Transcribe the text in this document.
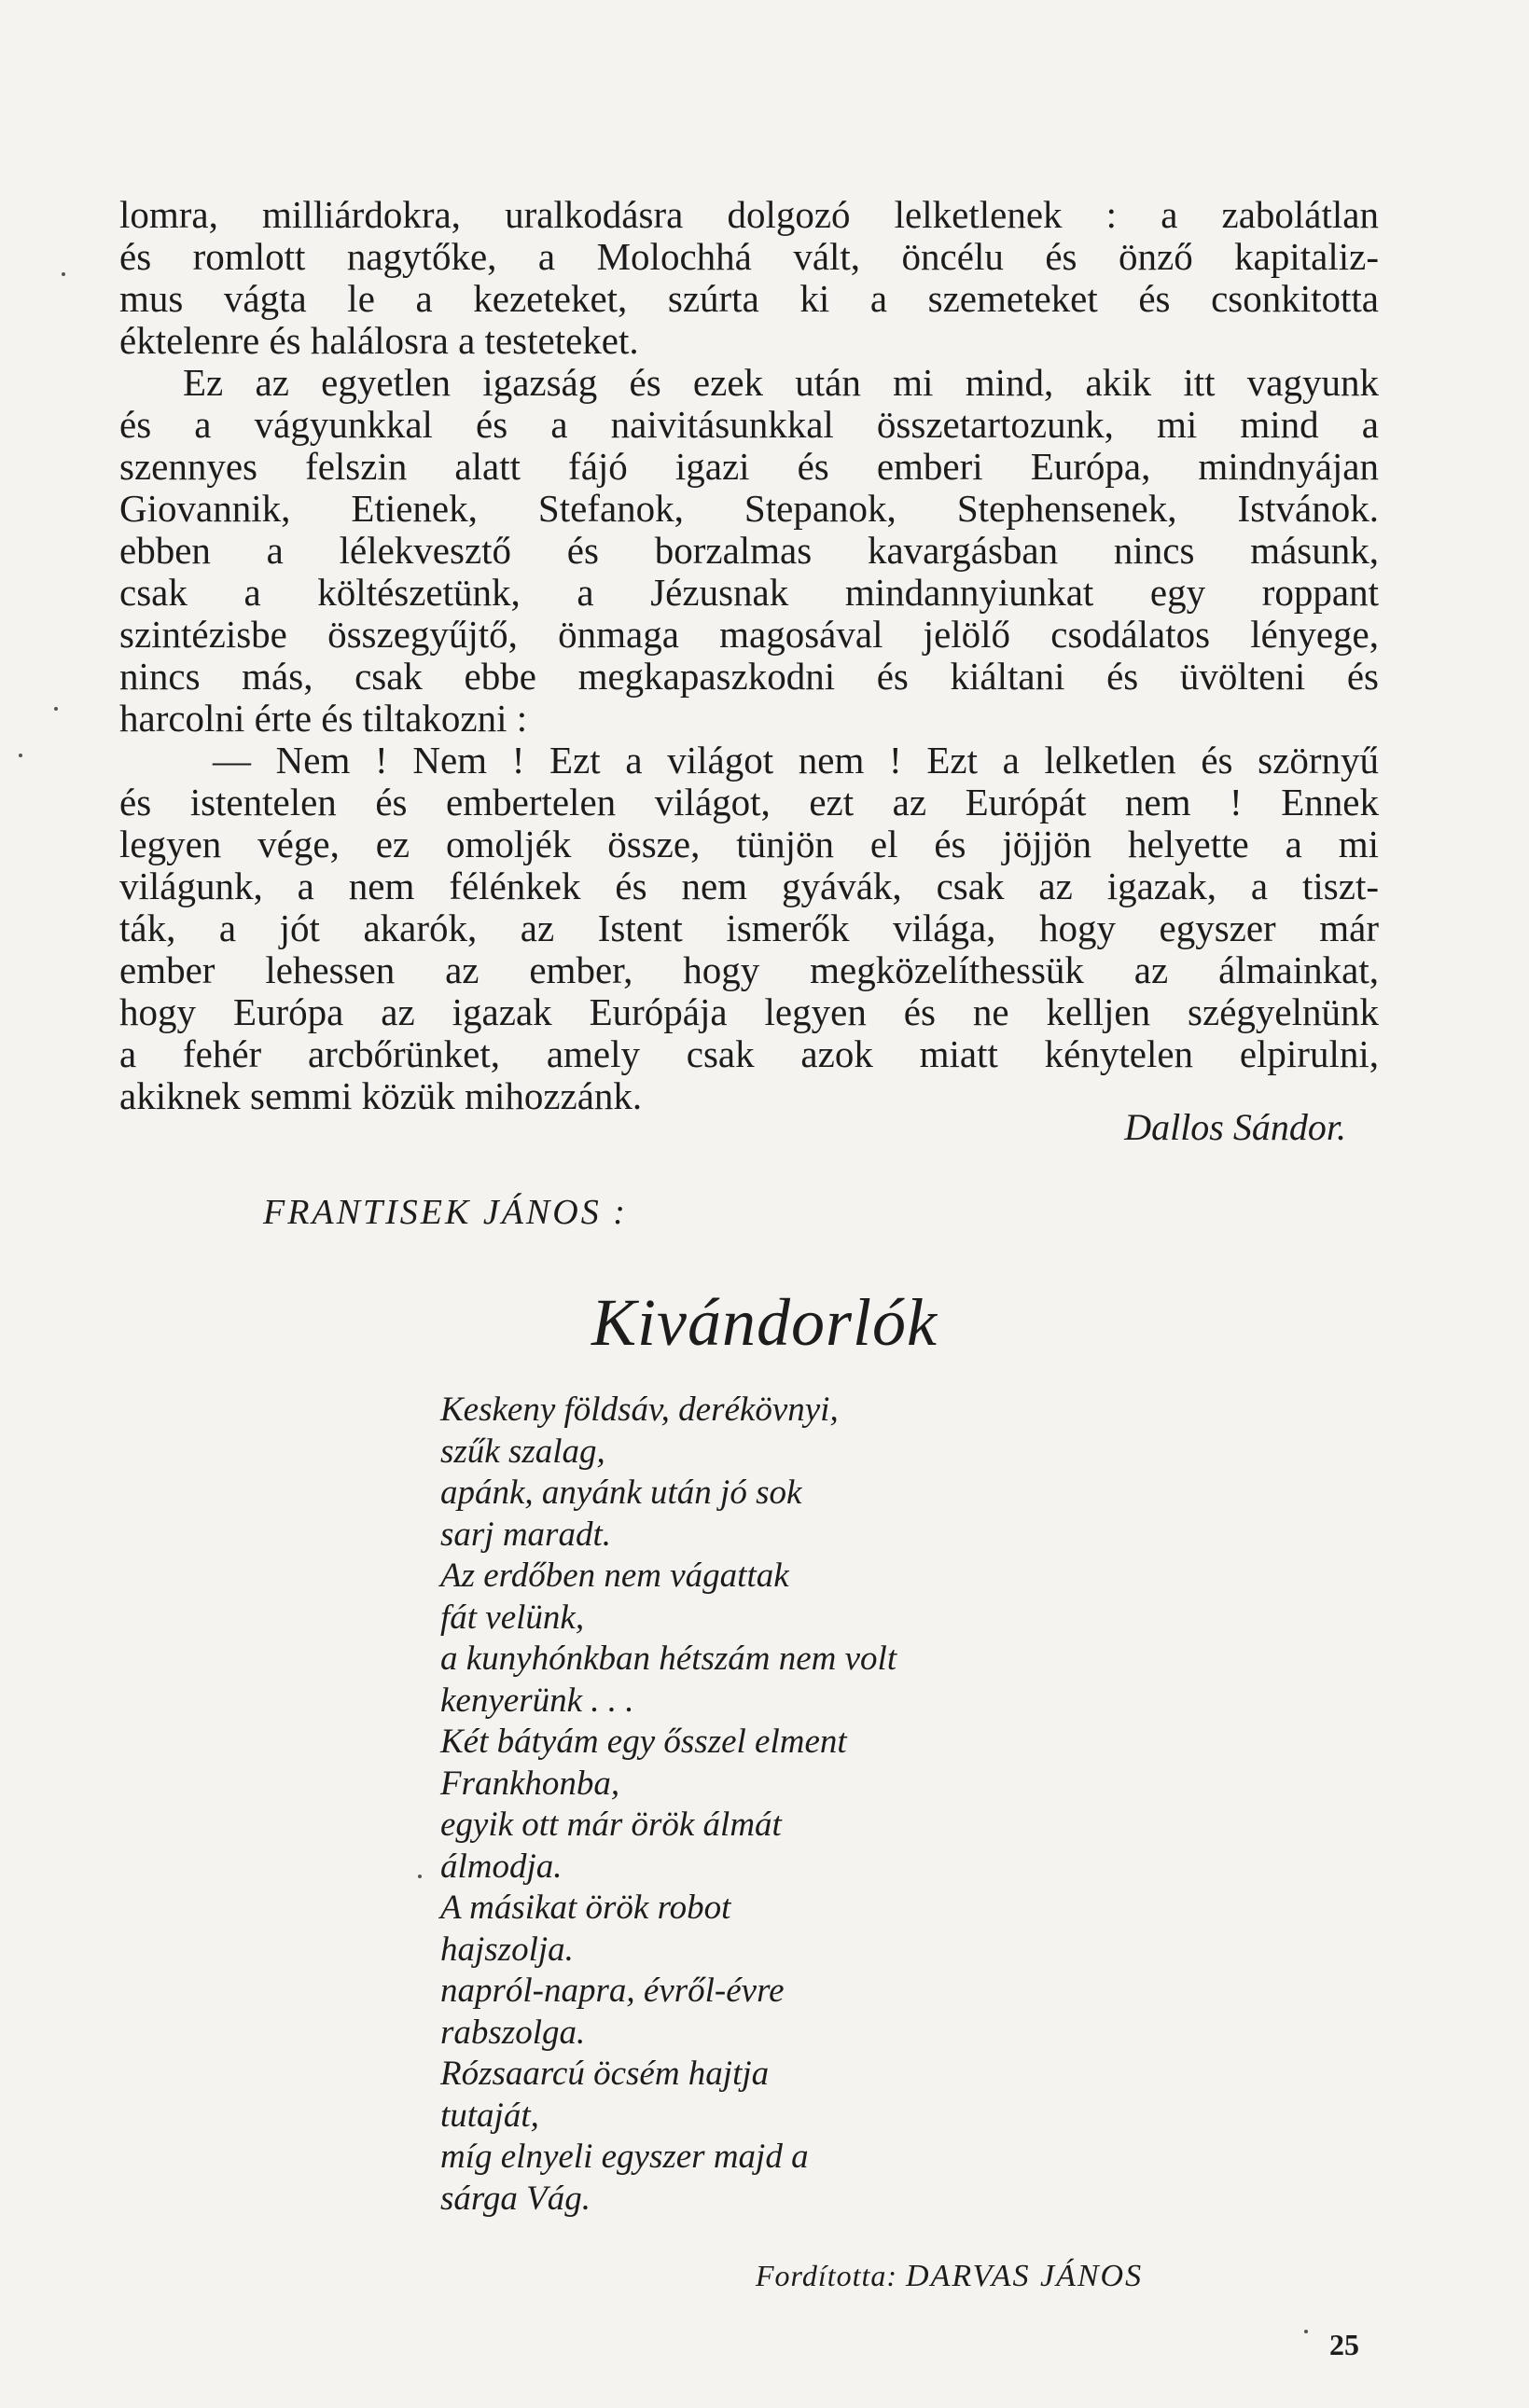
lomra, milliárdokra, uralkodásra dolgozó lelketlenek : a zabolátlan
és romlott nagytőke, a Molochhá vált, öncélu és önző kapitaliz-
mus vágta le a kezeteket, szúrta ki a szemeteket és csonkitotta
éktelenre és halálosra a testeteket.

Ez az egyetlen igazság és ezek után mi mind, akik itt vagyunk
és a vágyunkkal és a naivitásunkkal összetartozunk, mi mind a
szennyes felszin alatt fájó igazi és emberi Európa, mindnyájan
Giovannik, Etienek, Stefanok, Stepanok, Stephensenek, Istvánok.
ebben a lélekvesztő és borzalmas kavargásban nincs másunk,
csak a költészetünk, a Jézusnak mindannyiunkat egy roppant
szintézisbe összegyűjtő, önmaga magosával jelölő csodálatos lényege,
nincs más, csak ebbe megkapaszkodni és kiáltani és üvölteni és
harcolni érte és tiltakozni :

— Nem ! Nem ! Ezt a világot nem ! Ezt a lelketlen és szörnyű
és istentelen és embertelen világot, ezt az Európát nem ! Ennek
legyen vége, ez omoljék össze, tünjön el és jöjjön helyette a mi
világunk, a nem félénkek és nem gyávák, csak az igazak, a tiszt-
ták, a jót akarók, az Istent ismerők világa, hogy egyszer már
ember lehessen az ember, hogy megközelíthessük az álmainkat,
hogy Európa az igazak Európája legyen és ne kelljen szégyelnünk
a fehér arcbőrünket, amely csak azok miatt kénytelen elpirulni,
akiknek semmi közük mihozzánk.

Dallos Sándor.
FRANTISEK JÁNOS :
Kivándorlók
Keskeny földsáv, derékövnyi,
szűk szalag,
apánk, anyánk után jó sok
sarj maradt.
Az erdőben nem vágattak
fát velünk,
a kunyhónkban hétszám nem volt
kenyerünk . . .
Két bátyám egy ősszel elment
Frankhonba,
egyik ott már örök álmát
álmodja.
A másikat örök robot
hajszolja.
napról-napra, évről-évre
rabszolga.
Rózsaarcú öcsém hajtja
tutaját,
míg elnyeli egyszer majd a
sárga Vág.
Fordította: DARVAS JÁNOS
25
